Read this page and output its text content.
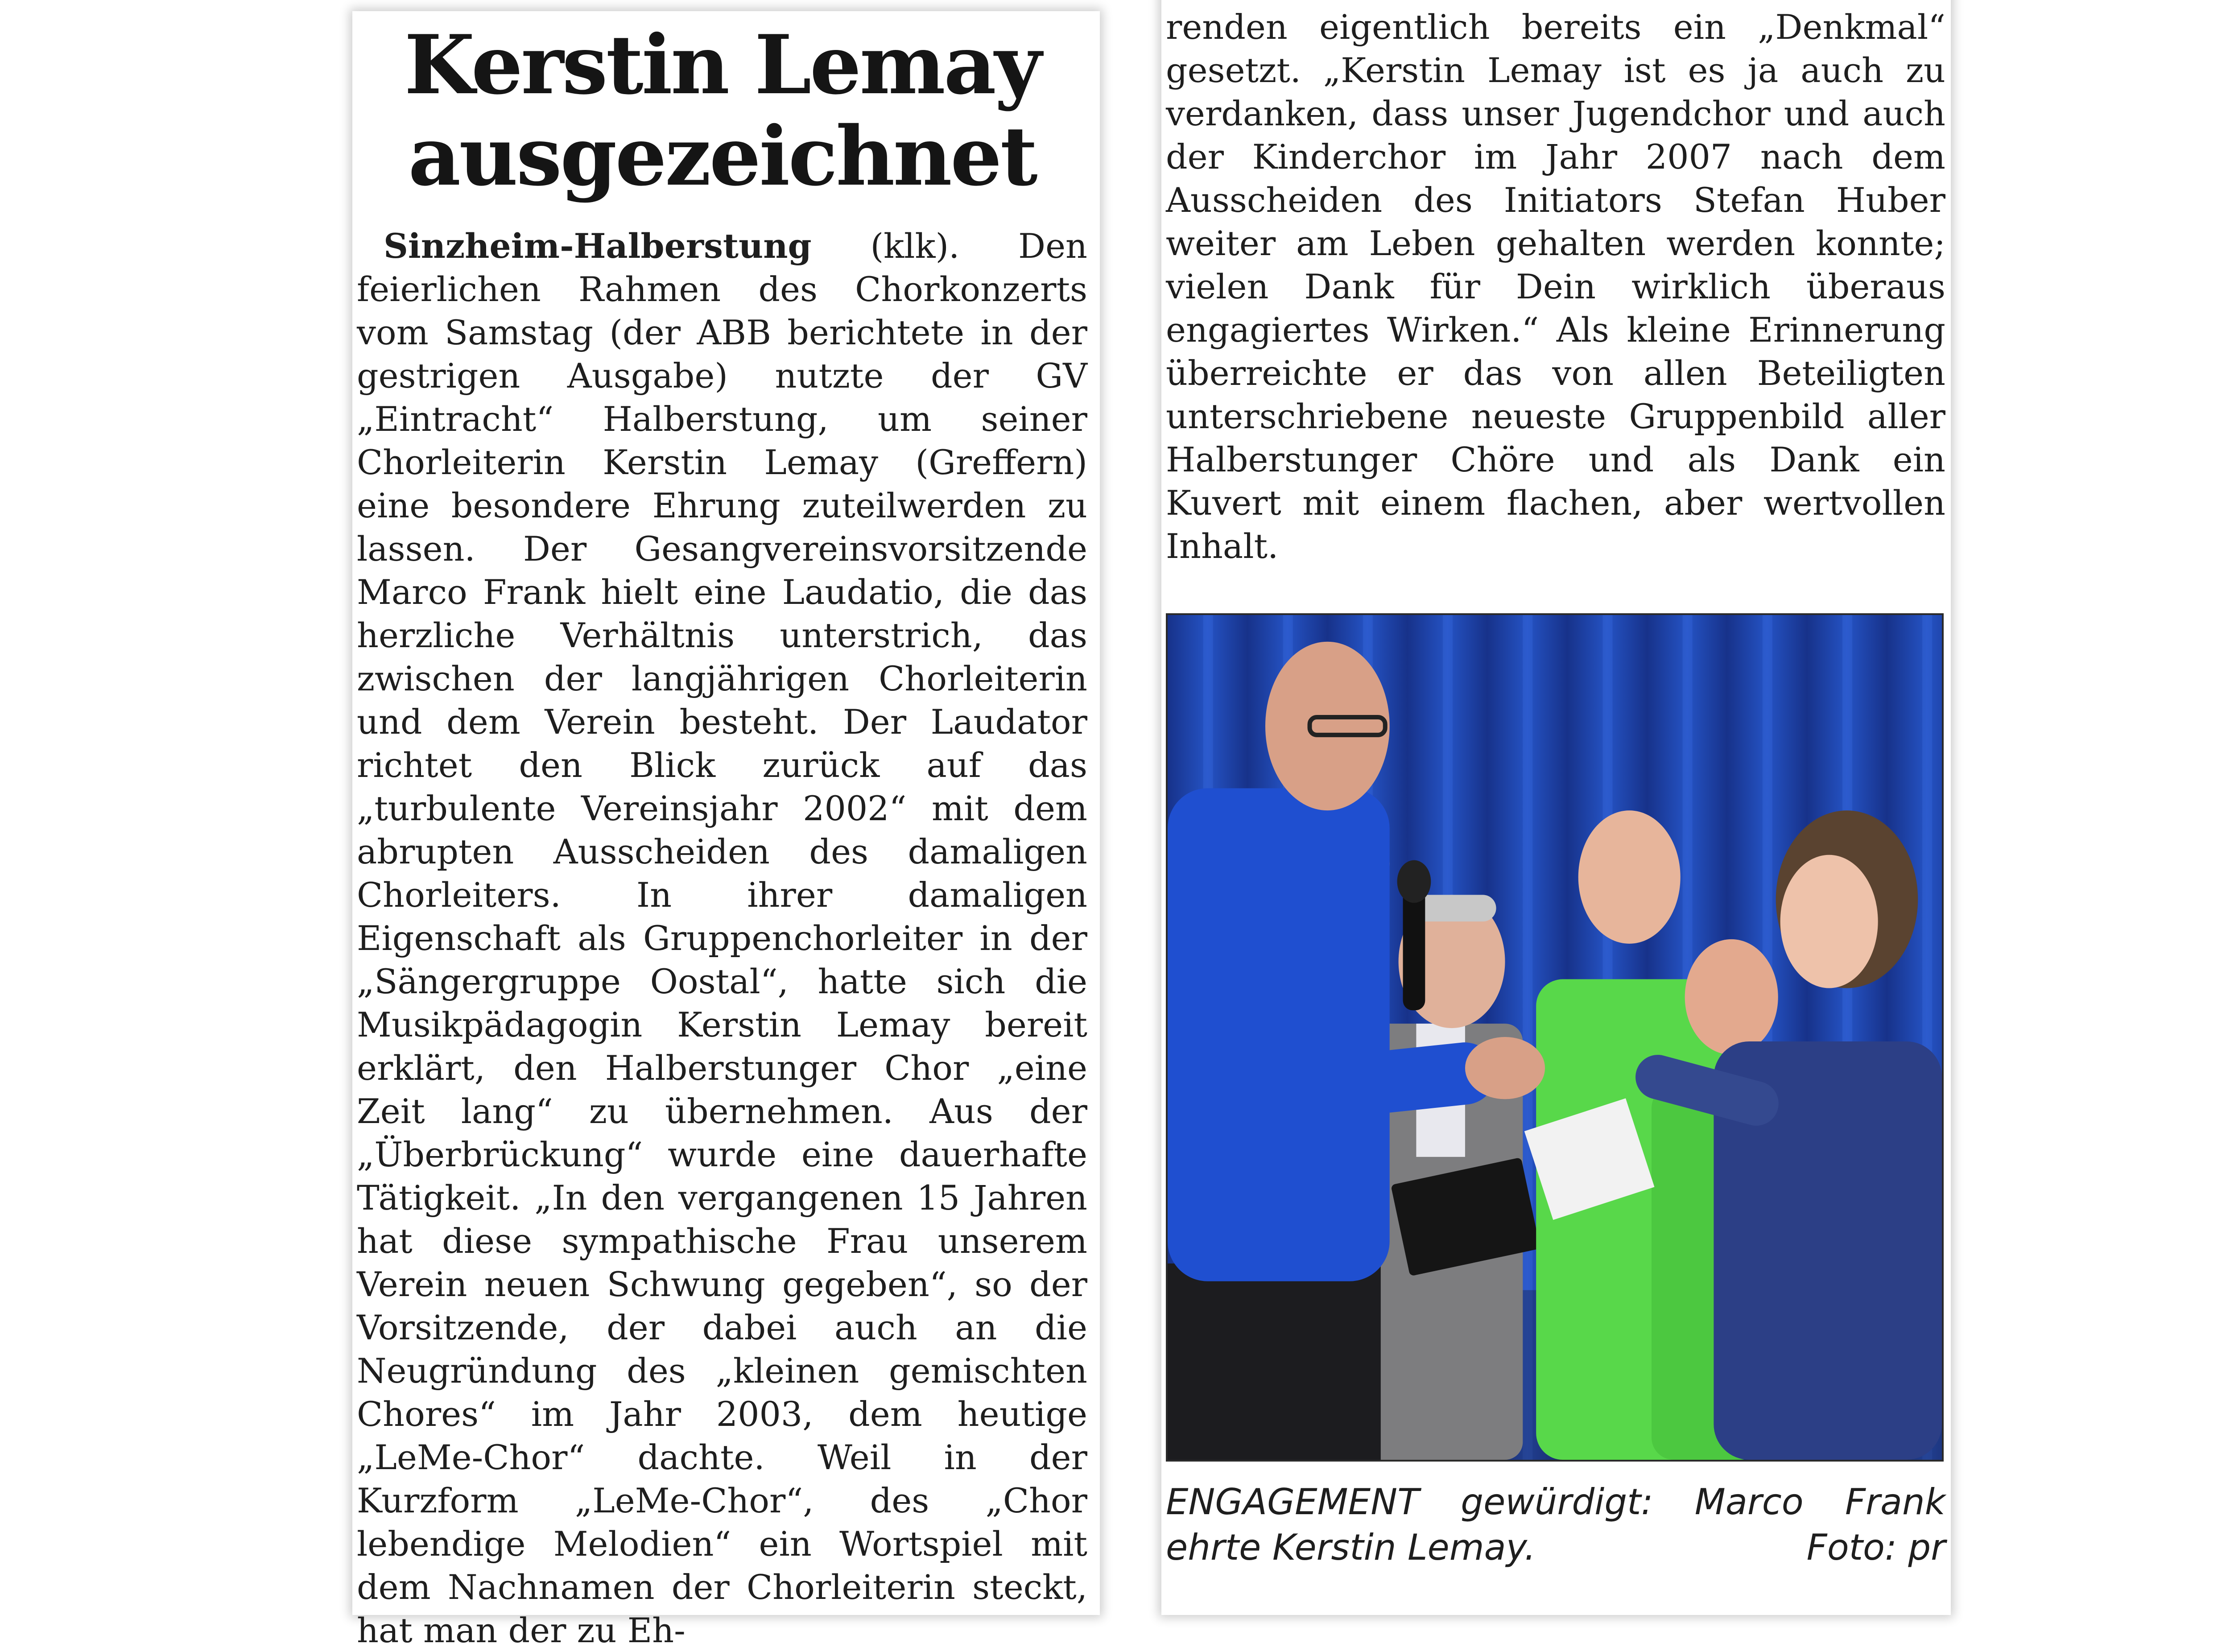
Kerstin Lemay
ausgezeichnet

Sinzheim-Halberstung (klk). Den feierlichen Rahmen des Chorkonzerts vom Samstag (der ABB berichtete in der gestrigen Ausgabe) nutzte der GV „Eintracht“ Halberstung, um seiner Chorleiterin Kerstin Lemay (Greffern) eine besondere Ehrung zuteilwerden zu lassen. Der Gesangvereinsvorsitzende Marco Frank hielt eine Laudatio, die das herzliche Verhältnis unterstrich, das zwischen der langjährigen Chorleiterin und dem Verein besteht. Der Laudator richtet den Blick zurück auf das „turbulente Vereinsjahr 2002“ mit dem abrupten Ausscheiden des damaligen Chorleiters. In ihrer damaligen Eigenschaft als Gruppenchorleiter in der „Sängergruppe Oostal“, hatte sich die Musikpädagogin Kerstin Lemay bereit erklärt, den Halberstunger Chor „eine Zeit lang“ zu übernehmen. Aus der „Überbrückung“ wurde eine dauerhafte Tätigkeit. „In den vergangenen 15 Jahren hat diese sympathische Frau unserem Verein neuen Schwung gegeben“, so der Vorsitzende, der dabei auch an die Neugründung des „kleinen gemischten Chores“ im Jahr 2003, dem heutige „LeMe-Chor“ dachte. Weil in der Kurzform „LeMe-Chor“, des „Chor lebendige Melodien“ ein Wortspiel mit dem Nachnamen der Chorleiterin steckt, hat man der zu Eh-

renden eigentlich bereits ein „Denkmal“ gesetzt. „Kerstin Lemay ist es ja auch zu verdanken, dass unser Jugendchor und auch der Kinderchor im Jahr 2007 nach dem Ausscheiden des Initiators Stefan Huber weiter am Leben gehalten werden konnte; vielen Dank für Dein wirklich überaus engagiertes Wirken.“ Als kleine Erinnerung überreichte er das von allen Beteiligten unterschriebene neueste Gruppenbild aller Halberstunger Chöre und als Dank ein Kuvert mit einem flachen, aber wertvollen Inhalt.

ENGAGEMENT gewürdigt: Marco Frank
ehrte Kerstin Lemay.	Foto: pr
